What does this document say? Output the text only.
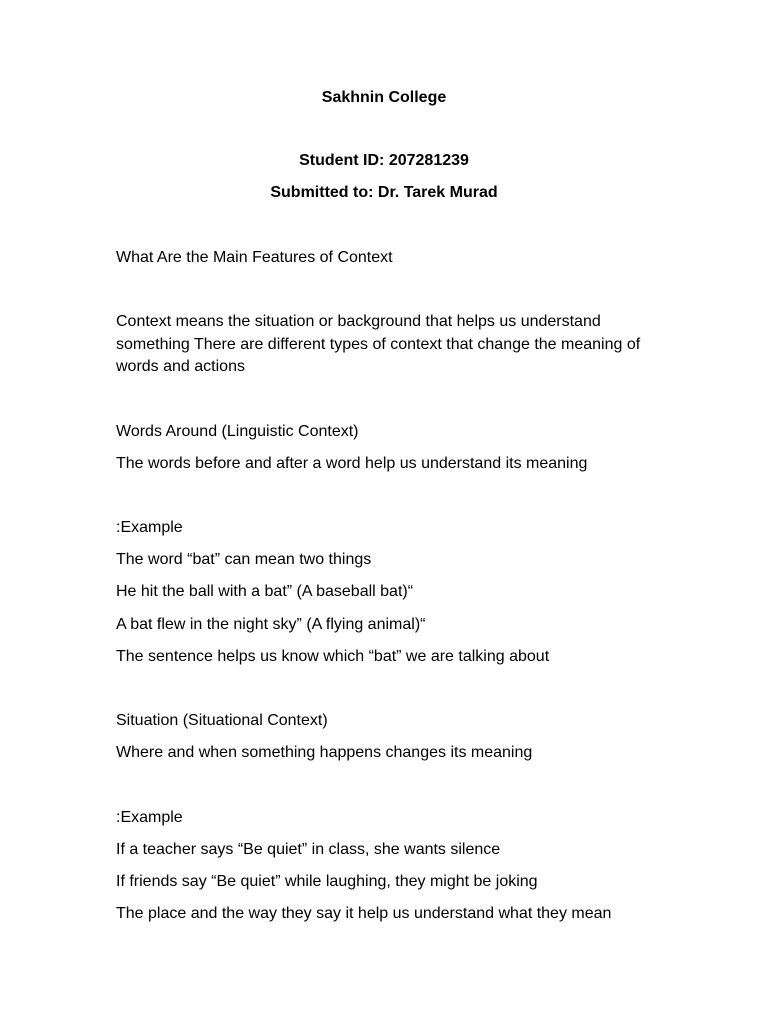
Sakhnin College

Student ID: 207281239

Submitted to: Dr. Tarek Murad

What Are the Main Features of Context

Context means the situation or background that helps us understand something There are different types of context that change the meaning of words and actions

Words Around (Linguistic Context)

The words before and after a word help us understand its meaning

:Example

The word “bat” can mean two things

He hit the ball with a bat” (A baseball bat)“

A bat flew in the night sky” (A flying animal)“

The sentence helps us know which “bat” we are talking about

Situation (Situational Context)

Where and when something happens changes its meaning

:Example

If a teacher says “Be quiet” in class, she wants silence

If friends say “Be quiet” while laughing, they might be joking

The place and the way they say it help us understand what they mean
